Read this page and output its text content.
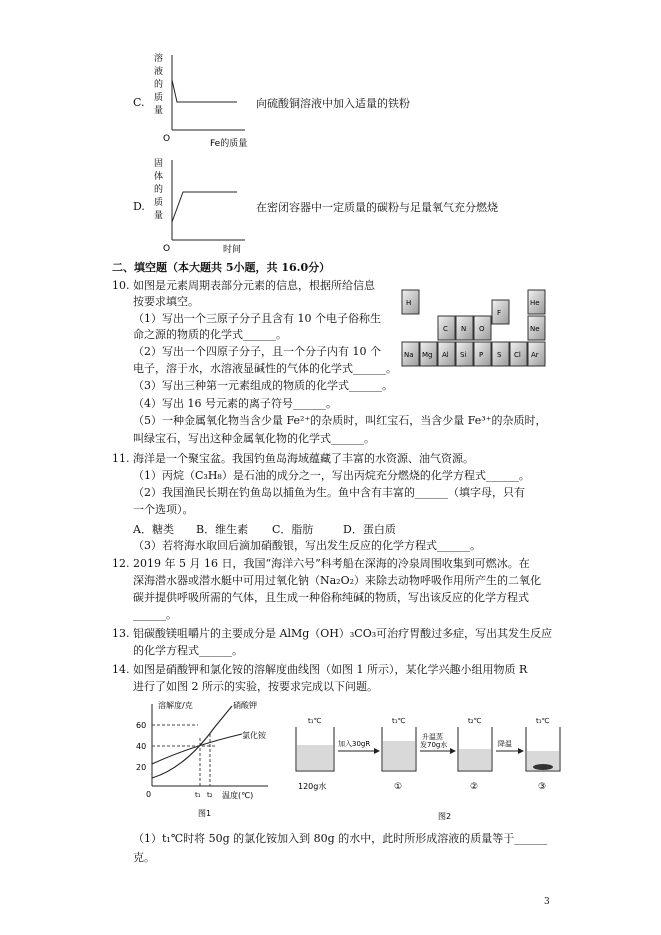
C.
溶
液
的
质
量
O	Fe的质量
向硫酸铜溶液中加入适量的铁粉
D.
固
体
的
质
量
O	时间
在密闭容器中一定质量的碳粉与足量氧气充分燃烧
二、填空题（本大题共 5小题，共 16.0分）
10. 如图是元素周期表部分元素的信息，根据所给信息
按要求填空。
（1）写出一个三原子分子且含有 10 个电子俗称生
命之源的物质的化学式______。
（2）写出一个四原子分子，且一个分子内有 10 个
电子，溶于水，水溶液显碱性的气体的化学式______。
（3）写出三种第一元素组成的物质的化学式______。
（4）写出 16 号元素的离子符号______。
（5）一种金属氧化物当含少量 Fe²⁺的杂质时，叫红宝石，当含少量 Fe³⁺的杂质时，
叫绿宝石，写出这种金属氧化物的化学式______。
H	He
C N O
F
Ne
Na Mg Al Si P S Cl Ar
11. 海洋是一个聚宝盆。我国钓鱼岛海域蕴藏了丰富的水资源、油气资源。
（1）丙烷（C₃H₈）是石油的成分之一，写出丙烷充分燃烧的化学方程式______。
（2）我国渔民长期在钓鱼岛以捕鱼为生。鱼中含有丰富的______（填字母，只有
一个选项）。
A．糖类 B．维生素 C．脂肪	D．蛋白质
（3）若将海水取回后滴加硝酸银，写出发生反应的化学方程式______。
12. 2019 年 5 月 16 日，我国“海洋六号”科考船在深海的冷泉周围收集到可燃冰。在
深海潜水器或潜水艇中可用过氧化钠（Na₂O₂）来除去动物呼吸作用所产生的二氧化
碳并提供呼吸所需的气体，且生成一种俗称纯碱的物质，写出该反应的化学方程式
______。
13. 铝碳酸镁咀嚼片的主要成分是 AlMg（OH）₃CO₃可治疗胃酸过多症，写出其发生反应
的化学方程式______。
14. 如图是硝酸钾和氯化铵的溶解度曲线图（如图 1 所示），某化学兴趣小组用物质 R
进行了如图 2 所示的实验，按要求完成以下问题。
溶解度/克
60
40
20
0
硝酸钾
氯化铵
t₁ t₂ 温度(℃)
图1
120g水
t₁℃
加入30gR
t₁℃
①
升温蒸
发70g水
t₂℃
②
降温
t₁℃
③
图2
（1）t₁℃时将 50g 的氯化铵加入到 80g 的水中，此时所形成溶液的质量等于______
克。
3
